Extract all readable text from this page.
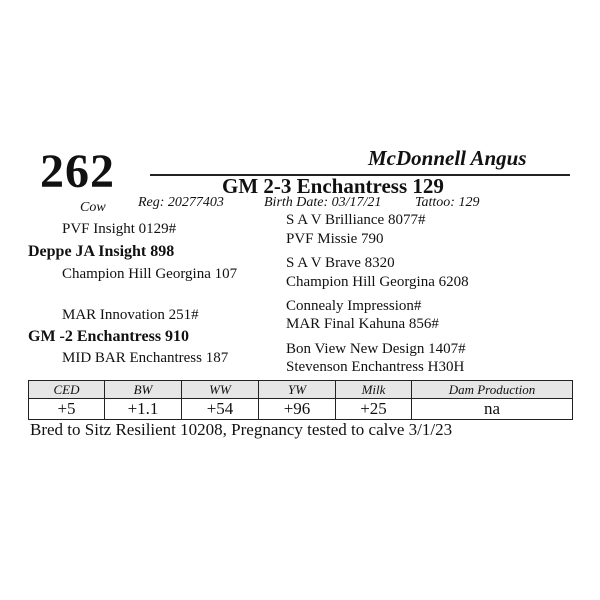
McDonnell Angus
262	GM 2-3 Enchantress 129
Cow Reg: 20277403	Birth Date: 03/17/21 Tattoo: 129
PVF Insight 0129#
Deppe JA Insight 898
Champion Hill Georgina 107
MAR Innovation 251#
GM -2 Enchantress 910
MID BAR Enchantress 187
S A V Brilliance 8077#
PVF Missie 790
S A V Brave 8320
Champion Hill Georgina 6208
Connealy Impression#
MAR Final Kahuna 856#
Bon View New Design 1407#
Stevenson Enchantress H30H
CED	BW	WW	YW	Milk	Dam Production
+5	+1.1	+54	+96	+25	na
Bred to Sitz Resilient 10208, Pregnancy tested to calve 3/1/23
